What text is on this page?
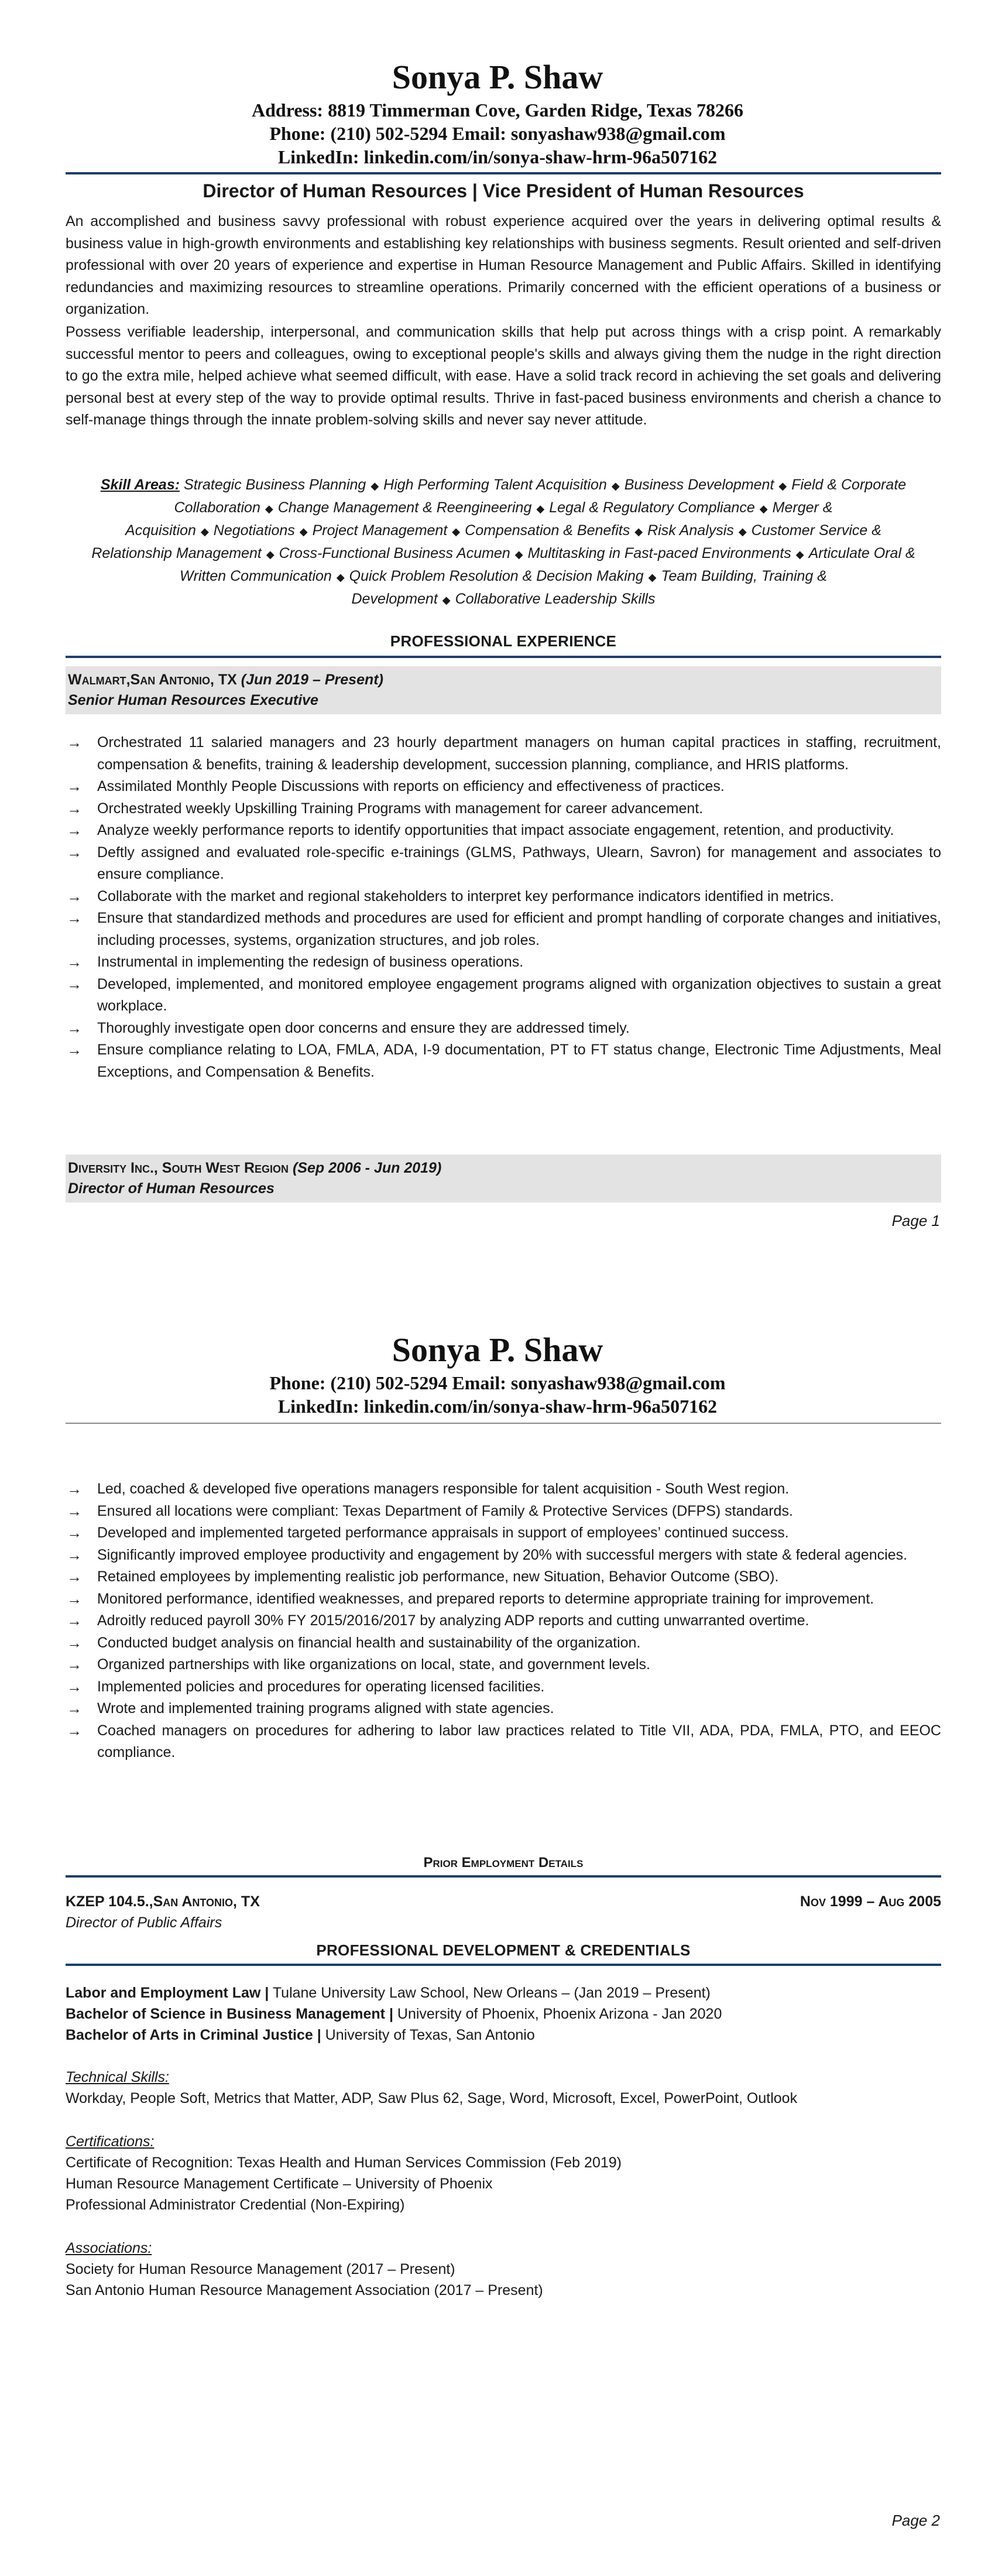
Sonya P. Shaw
Address: 8819 Timmerman Cove, Garden Ridge, Texas 78266
Phone: (210) 502-5294 Email: sonyashaw938@gmail.com
LinkedIn: linkedin.com/in/sonya-shaw-hrm-96a507162
Director of Human Resources | Vice President of Human Resources

An accomplished and business savvy professional with robust experience acquired over the years in delivering optimal results & business value in high-growth environments and establishing key relationships with business segments. Result oriented and self-driven professional with over 20 years of experience and expertise in Human Resource Management and Public Affairs. Skilled in identifying redundancies and maximizing resources to streamline operations. Primarily concerned with the efficient operations of a business or organization.

Possess verifiable leadership, interpersonal, and communication skills that help put across things with a crisp point. A remarkably successful mentor to peers and colleagues, owing to exceptional people's skills and always giving them the nudge in the right direction to go the extra mile, helped achieve what seemed difficult, with ease. Have a solid track record in achieving the set goals and delivering personal best at every step of the way to provide optimal results. Thrive in fast-paced business environments and cherish a chance to self-manage things through the innate problem-solving skills and never say never attitude.

Skill Areas: Strategic Business Planning ◆ High Performing Talent Acquisition ◆ Business Development ◆ Field & Corporate Collaboration ◆ Change Management & Reengineering ◆ Legal & Regulatory Compliance ◆ Merger & Acquisition ◆ Negotiations ◆ Project Management ◆ Compensation & Benefits ◆ Risk Analysis ◆ Customer Service & Relationship Management ◆ Cross-Functional Business Acumen ◆ Multitasking in Fast-paced Environments ◆ Articulate Oral & Written Communication ◆ Quick Problem Resolution & Decision Making ◆ Team Building, Training & Development ◆ Collaborative Leadership Skills
PROFESSIONAL EXPERIENCE
Walmart,San Antonio, TX (Jun 2019 – Present)
Senior Human Resources Executive
→ Orchestrated 11 salaried managers and 23 hourly department managers on human capital practices in staffing, recruitment, compensation & benefits, training & leadership development, succession planning, compliance, and HRIS platforms.
→ Assimilated Monthly People Discussions with reports on efficiency and effectiveness of practices.
→ Orchestrated weekly Upskilling Training Programs with management for career advancement.
→ Analyze weekly performance reports to identify opportunities that impact associate engagement, retention, and productivity.
→ Deftly assigned and evaluated role-specific e-trainings (GLMS, Pathways, Ulearn, Savron) for management and associates to ensure compliance.
→ Collaborate with the market and regional stakeholders to interpret key performance indicators identified in metrics.
→ Ensure that standardized methods and procedures are used for efficient and prompt handling of corporate changes and initiatives, including processes, systems, organization structures, and job roles.
→ Instrumental in implementing the redesign of business operations.
→ Developed, implemented, and monitored employee engagement programs aligned with organization objectives to sustain a great workplace.
→ Thoroughly investigate open door concerns and ensure they are addressed timely.
→ Ensure compliance relating to LOA, FMLA, ADA, I-9 documentation, PT to FT status change, Electronic Time Adjustments, Meal Exceptions, and Compensation & Benefits.
Diversity Inc., South West Region (Sep 2006 - Jun 2019)
Director of Human Resources
Page 1
Sonya P. Shaw
Phone: (210) 502-5294 Email: sonyashaw938@gmail.com
LinkedIn: linkedin.com/in/sonya-shaw-hrm-96a507162
→ Led, coached & developed five operations managers responsible for talent acquisition - South West region.
→ Ensured all locations were compliant: Texas Department of Family & Protective Services (DFPS) standards.
→ Developed and implemented targeted performance appraisals in support of employees’ continued success.
→ Significantly improved employee productivity and engagement by 20% with successful mergers with state & federal agencies.
→ Retained employees by implementing realistic job performance, new Situation, Behavior Outcome (SBO).
→ Monitored performance, identified weaknesses, and prepared reports to determine appropriate training for improvement.
→ Adroitly reduced payroll 30% FY 2015/2016/2017 by analyzing ADP reports and cutting unwarranted overtime.
→ Conducted budget analysis on financial health and sustainability of the organization.
→ Organized partnerships with like organizations on local, state, and government levels.
→ Implemented policies and procedures for operating licensed facilities.
→ Wrote and implemented training programs aligned with state agencies.
→ Coached managers on procedures for adhering to labor law practices related to Title VII, ADA, PDA, FMLA, PTO, and EEOC compliance.
Prior Employment Details
KZEP 104.5.,San Antonio, TX	Nov 1999 – Aug 2005
Director of Public Affairs
PROFESSIONAL DEVELOPMENT & CREDENTIALS
Labor and Employment Law | Tulane University Law School, New Orleans – (Jan 2019 – Present)
Bachelor of Science in Business Management | University of Phoenix, Phoenix Arizona - Jan 2020
Bachelor of Arts in Criminal Justice | University of Texas, San Antonio
Technical Skills:
Workday, People Soft, Metrics that Matter, ADP, Saw Plus 62, Sage, Word, Microsoft, Excel, PowerPoint, Outlook
Certifications:
Certificate of Recognition: Texas Health and Human Services Commission (Feb 2019)
Human Resource Management Certificate – University of Phoenix
Professional Administrator Credential (Non-Expiring)
Associations:
Society for Human Resource Management (2017 – Present)
San Antonio Human Resource Management Association (2017 – Present)
Page 2
